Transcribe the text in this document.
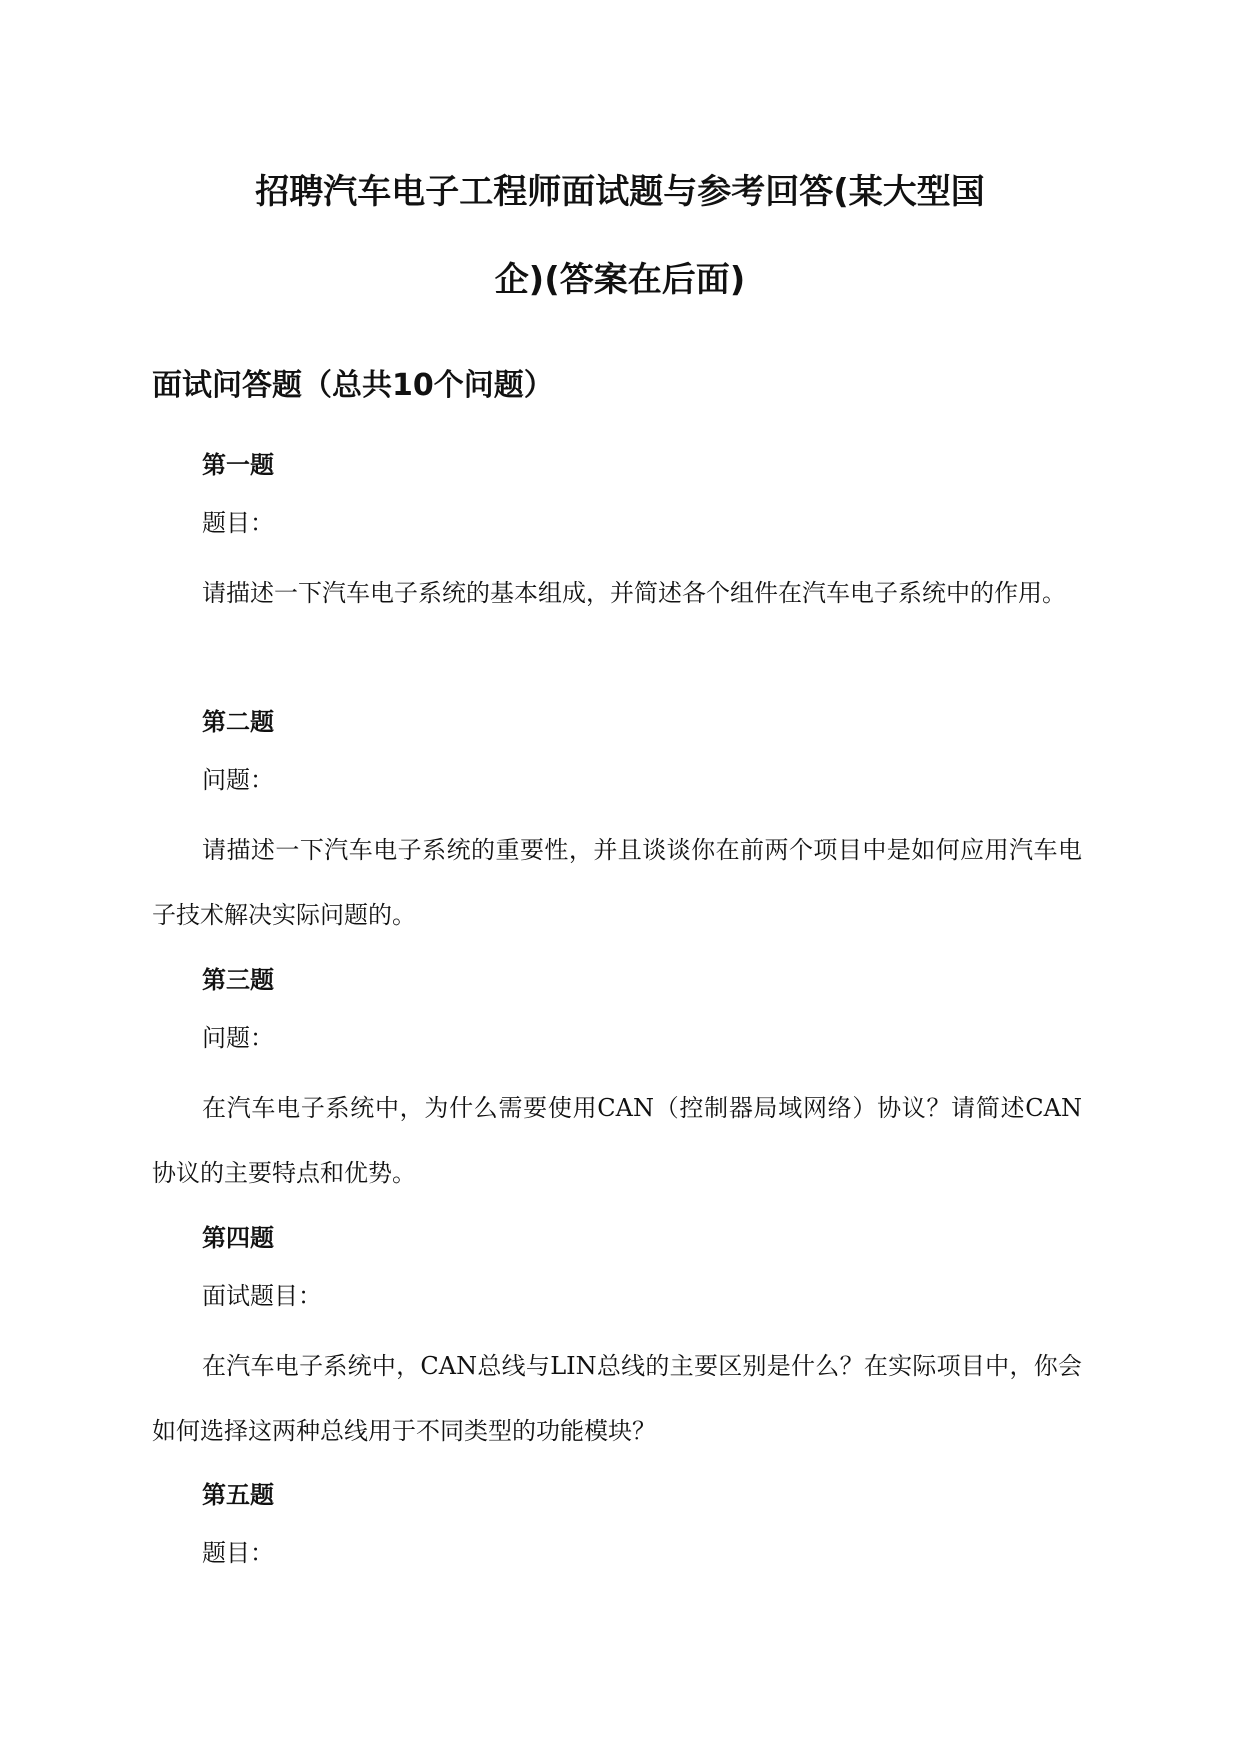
招聘汽车电子工程师面试题与参考回答(某大型国
企)(答案在后面)
面试问答题（总共10个问题）
第一题
题目：
请描述一下汽车电子系统的基本组成，并简述各个组件在汽车电子系统中的作用。
第二题
问题：
请描述一下汽车电子系统的重要性，并且谈谈你在前两个项目中是如何应用汽车电子技术解决实际问题的。
第三题
问题：
在汽车电子系统中，为什么需要使用CAN（控制器局域网络）协议？请简述CAN协议的主要特点和优势。
第四题
面试题目：
在汽车电子系统中，CAN总线与LIN总线的主要区别是什么？在实际项目中，你会如何选择这两种总线用于不同类型的功能模块？
第五题
题目：
